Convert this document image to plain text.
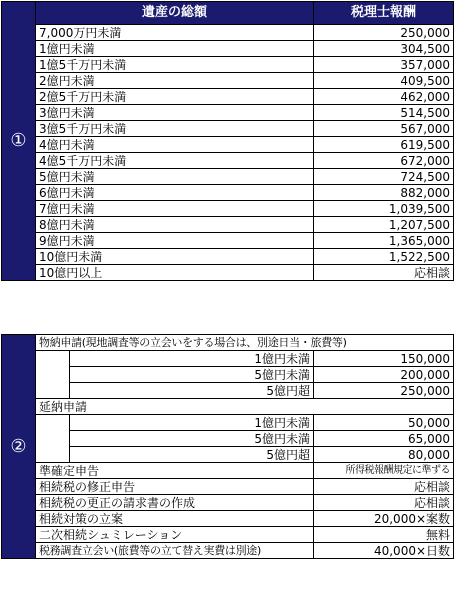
①	遺産の総額	税理士報酬
	7,000万円未満	250,000
	1億円未満	304,500
	1億5千万円未満	357,000
	2億円未満	409,500
	2億5千万円未満	462,000
	3億円未満	514,500
	3億5千万円未満	567,000
	4億円未満	619,500
	4億5千万円未満	672,000
	5億円未満	724,500
	6億円未満	882,000
	7億円未満	1,039,500
	8億円未満	1,207,500
	9億円未満	1,365,000
	10億円未満	1,522,500
	10億円以上	応相談
②	物納申請(現地調査等の立会いをする場合は、別途日当・旅費等)		
		1億円未満	150,000
		5億円未満	200,000
		5億円超	250,000
	延納申請		
		1億円未満	50,000
		5億円未満	65,000
		5億円超	80,000
	準確定申告		所得税報酬規定に準ずる
	相続税の修正申告		応相談
	相続税の更正の請求書の作成		応相談
	相続対策の立案		20,000×案数
	二次相続シュミレーション		無料
	税務調査立会い(旅費等の立て替え実費は別途)		40,000×日数
